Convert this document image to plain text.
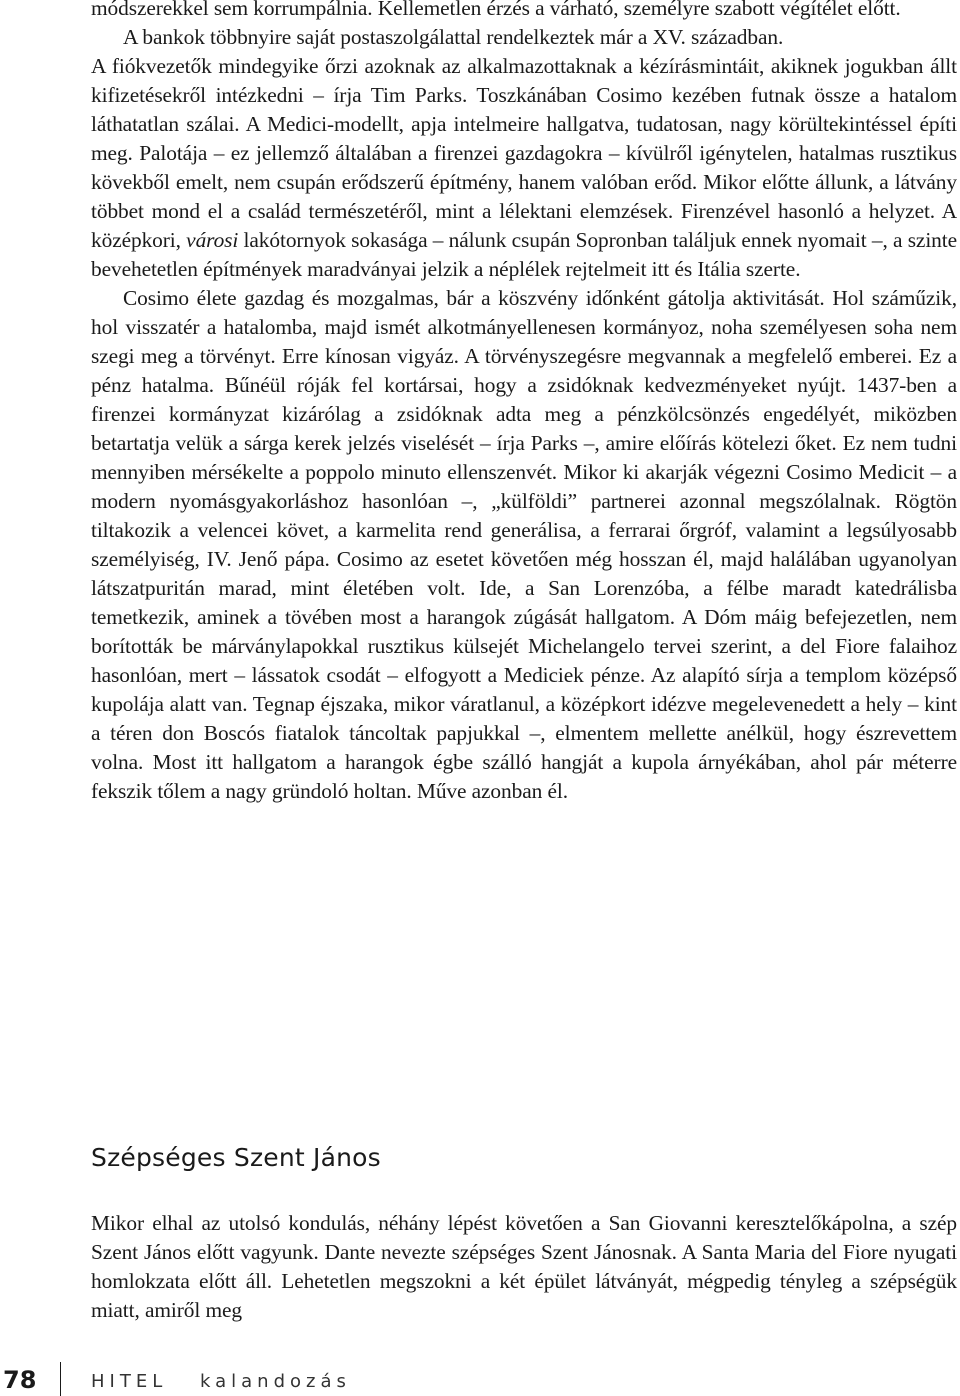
módszerekkel sem korrumpálnia. Kellemetlen érzés a várható, személyre szabott végítélet előtt.

A bankok többnyire saját postaszolgálattal rendelkeztek már a XV. században.

A fiókvezetők mindegyike őrzi azoknak az alkalmazottaknak a kézírásmintáit, akiknek jogukban állt kifizetésekről intézkedni – írja Tim Parks. Toszkánában Cosimo kezében futnak össze a hatalom láthatatlan szálai. A Medici-modellt, apja intelmeire hallgatva, tudatosan, nagy körültekintéssel építi meg. Palotája – ez jellemző általában a firenzei gazdagokra – kívülről igénytelen, hatalmas rusztikus kövekből emelt, nem csupán erődszerű építmény, hanem valóban erőd. Mikor előtte állunk, a látvány többet mond el a család természetéről, mint a lélektani elemzések. Firenzével hasonló a helyzet. A középkori, városi lakótornyok sokasága – nálunk csupán Sopronban találjuk ennek nyomait –, a szinte bevehetetlen építmények maradványai jelzik a néplélek rejtelmeit itt és Itália szerte.

Cosimo élete gazdag és mozgalmas, bár a köszvény időnként gátolja aktivitását. Hol száműzik, hol visszatér a hatalomba, majd ismét alkotmányellenesen kormányoz, noha személyesen soha nem szegi meg a törvényt. Erre kínosan vigyáz. A törvényszegésre megvannak a megfelelő emberei. Ez a pénz hatalma. Bűnéül róják fel kortársai, hogy a zsidóknak kedvezményeket nyújt. 1437-ben a firenzei kormányzat kizárólag a zsidóknak adta meg a pénzkölcsönzés engedélyét, miközben betartatja velük a sárga kerek jelzés viselését – írja Parks –, amire előírás kötelezi őket. Ez nem tudni mennyiben mérsékelte a poppolo minuto ellenszenvét. Mikor ki akarják végezni Cosimo Medicit – a modern nyomásgyakorláshoz hasonlóan –, „külföldi” partnerei azonnal megszólalnak. Rögtön tiltakozik a velencei követ, a karmelita rend generálisa, a ferrarai őrgróf, valamint a legsúlyosabb személyiség, IV. Jenő pápa. Cosimo az esetet követően még hosszan él, majd halálában ugyanolyan látszatpuritán marad, mint életében volt. Ide, a San Lorenzóba, a félbe maradt katedrálisba temetkezik, aminek a tövében most a harangok zúgását hallgatom. A Dóm máig befejezetlen, nem borították be márványlapokkal rusztikus külsejét Michelangelo tervei szerint, a del Fiore falaihoz hasonlóan, mert – lássatok csodát – elfogyott a Mediciek pénze. Az alapító sírja a templom középső kupolája alatt van. Tegnap éjszaka, mikor váratlanul, a középkort idézve megelevenedett a hely – kint a téren don Boscós fiatalok táncoltak papjukkal –, elmentem mellette anélkül, hogy észrevettem volna. Most itt hallgatom a harangok égbe szálló hangját a kupola árnyékában, ahol pár méterre fekszik tőlem a nagy gründoló holtan. Műve azonban él.

Szépséges Szent János

Mikor elhal az utolsó kondulás, néhány lépést követően a San Giovanni keresztelőkápolna, a szép Szent János előtt vagyunk. Dante nevezte szépséges Szent Jánosnak. A Santa Maria del Fiore nyugati homlokzata előtt áll. Lehetetlen megszokni a két épület látványát, mégpedig tényleg a szépségük miatt, amiről meg

78	HITEL kalandozás
